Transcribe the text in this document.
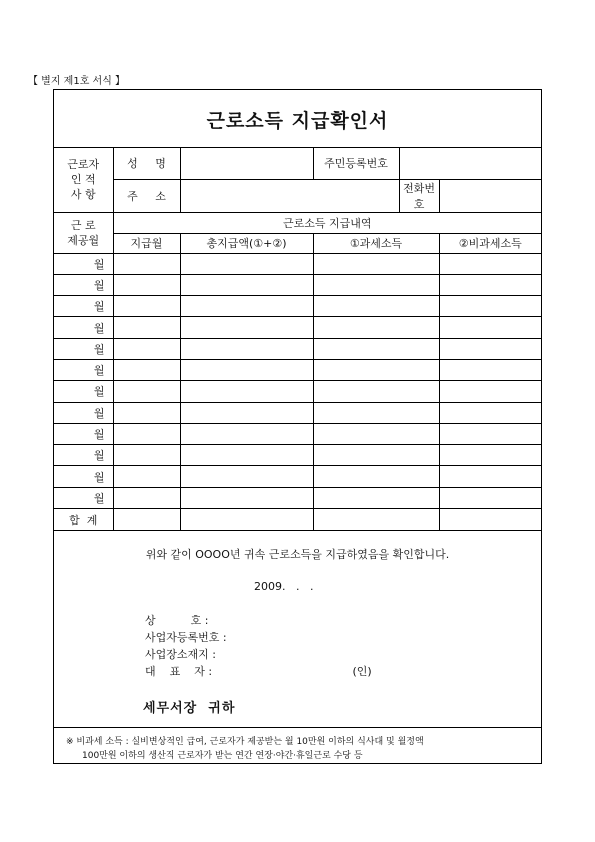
【 별지 제1호 서식 】
근로소득 지급확인서
근로자
인 적
사 항	성     명		주민등록번호		
	주     소			전화번호	

근 로
제공월	근로소득 지급내역				
	지급월	총지급액(①+②)	①과세소득		②비과세소득
월					
월					
월					
월					
월					
월					
월					
월					
월					
월					
월					
월					
합  계					
위와 같이 OOOO년 귀속 근로소득을 지급하였음을 확인합니다.
2009.   .   .
상          호 :
사업자등록번호 :
사업장소재지 :
대    표    자 :	(인)
세무서장  귀하
※ 비과세 소득 : 실비변상적인 급여, 근로자가 제공받는 월 10만원 이하의 식사대 및 월정액
100만원 이하의 생산직 근로자가 받는 연간 연장·야간·휴일근로 수당 등
